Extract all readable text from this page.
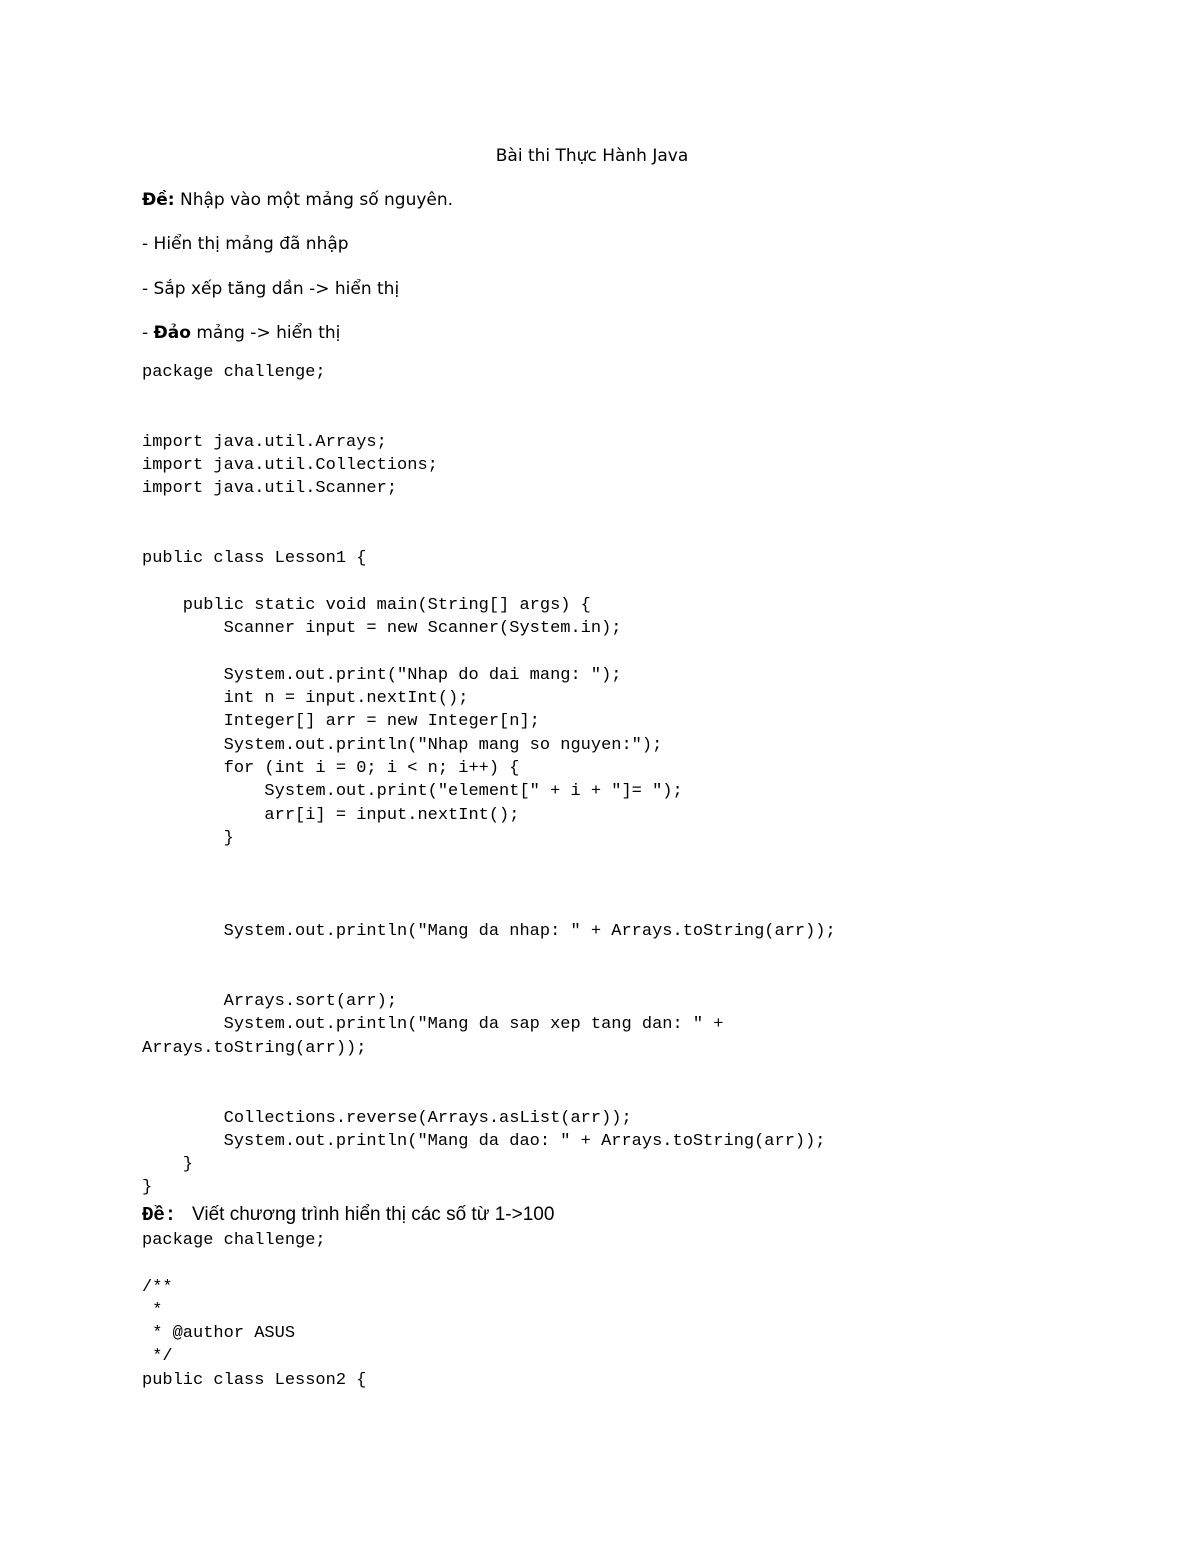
Bài thi Thực Hành Java
Đề: Nhập vào một mảng số nguyên.
- Hiển thị mảng đã nhập
- Sắp xếp tăng dần -> hiển thị
- Đảo mảng -> hiển thị
package challenge;
import java.util.Arrays;
import java.util.Collections;
import java.util.Scanner;
public class Lesson1 {
public static void main(String[] args) {
Scanner input = new Scanner(System.in);
System.out.print("Nhap do dai mang: ");
int n = input.nextInt();
Integer[] arr = new Integer[n];
System.out.println("Nhap mang so nguyen:");
for (int i = 0; i < n; i++) {
System.out.print("element[" + i + "]= ");
arr[i] = input.nextInt();
}
System.out.println("Mang da nhap: " + Arrays.toString(arr));
Arrays.sort(arr);
System.out.println("Mang da sap xep tang dan: " +
Arrays.toString(arr));
Collections.reverse(Arrays.asList(arr));
System.out.println("Mang da dao: " + Arrays.toString(arr));
}
}
Đề:   Viết chương trình hiển thị các số từ 1->100
package challenge;
/**
*
* @author ASUS
*/
public class Lesson2 {
